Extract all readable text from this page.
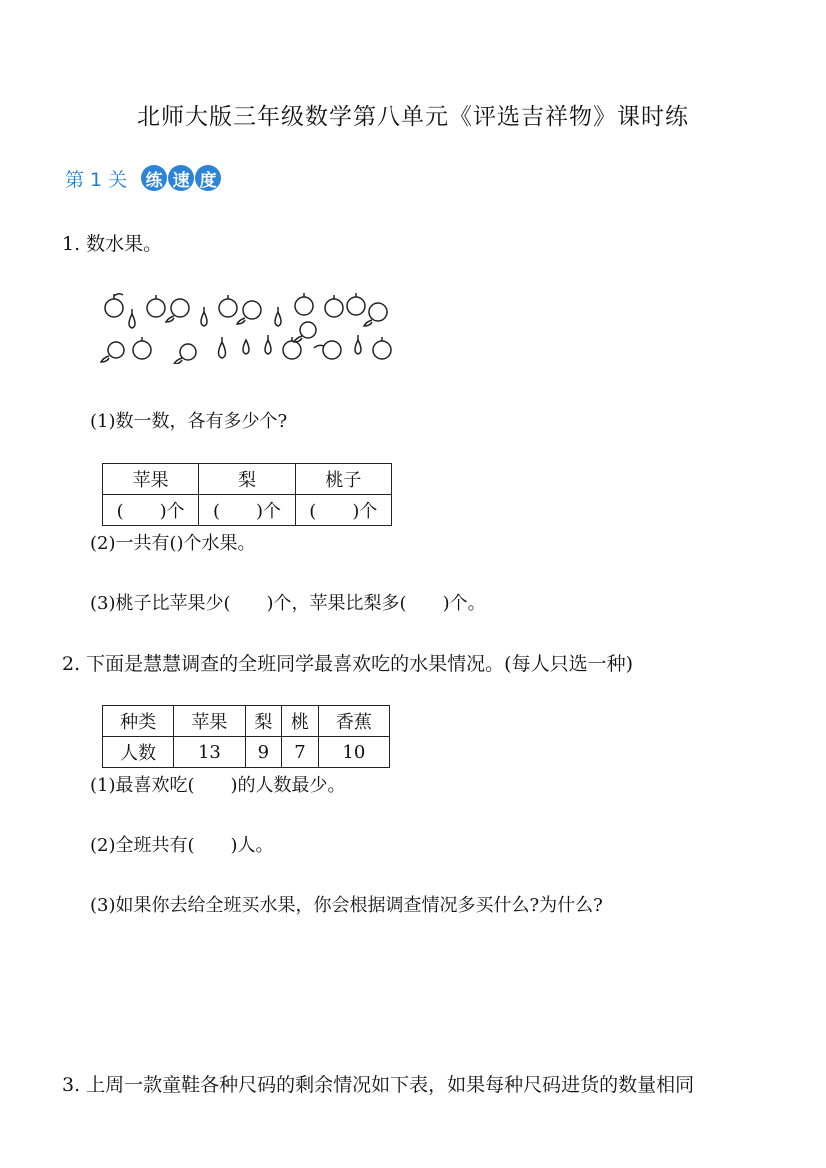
北师大版三年级数学第八单元《评选吉祥物》课时练
第 1 关 练 速 度
1. 数水果。
(1)数一数，各有多少个?
苹果	梨	桃子
(　　)个	(　　)个	(　　)个
(2)一共有()个水果。
(3)桃子比苹果少(　　)个，苹果比梨多(　　)个。
2. 下面是慧慧调查的全班同学最喜欢吃的水果情况。(每人只选一种)
种类	苹果	梨	桃	香蕉
人数	13	9	7	10
(1)最喜欢吃(　　)的人数最少。
(2)全班共有(　　)人。
(3)如果你去给全班买水果，你会根据调查情况多买什么?为什么?
3. 上周一款童鞋各种尺码的剩余情况如下表，如果每种尺码进货的数量相同
